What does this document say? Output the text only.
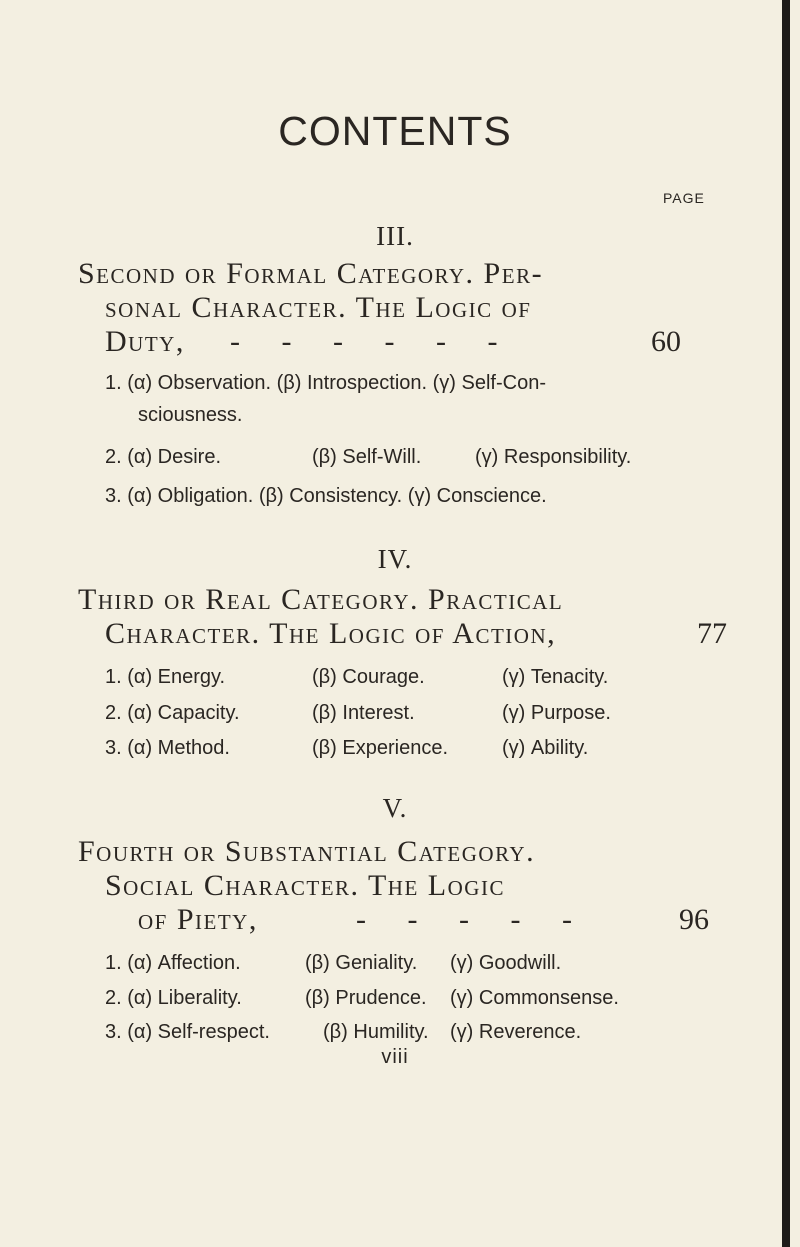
CONTENTS
PAGE
III.
Second or Formal Category. Per-
sonal Character. The Logic of
Duty, - - - - - -	60
1. (α) Observation. (β) Introspection. (γ) Self-Con-
sciousness.
2. (α) Desire.	(β) Self-Will.	(γ) Responsibility.
3. (α) Obligation. (β) Consistency. (γ) Conscience.
IV.
Third or Real Category. Practical
Character. The Logic of Action,	77
1. (α) Energy.	(β) Courage.	(γ) Tenacity.
2. (α) Capacity.	(β) Interest.	(γ) Purpose.
3. (α) Method.	(β) Experience.	(γ) Ability.
V.
Fourth or Substantial Category.
Social Character. The Logic
of Piety,	- - - - -	96
1. (α) Affection.	(β) Geniality. (γ) Goodwill.
2. (α) Liberality.	(β) Prudence. (γ) Commonsense.
3. (α) Self-respect.	(β) Humility. (γ) Reverence.
viii
